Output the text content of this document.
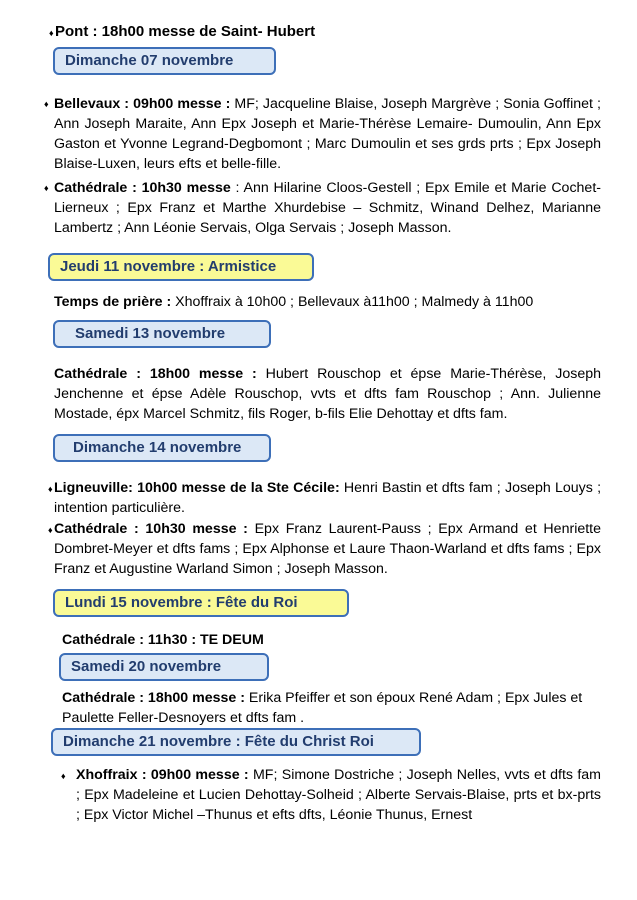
♦ Pont : 18h00 messe de Saint- Hubert
Dimanche 07 novembre
♦ Bellevaux : 09h00 messe : MF; Jacqueline Blaise, Joseph Margrève ; Sonia Goffinet ; Ann Joseph Maraite, Ann Epx Joseph et Marie-Thérèse Lemaire- Dumoulin, Ann Epx Gaston et Yvonne Legrand-Degbomont ; Marc Dumoulin et ses grds prts ; Epx Joseph Blaise-Luxen, leurs efts et belle-fille.
♦ Cathédrale : 10h30 messe : Ann Hilarine Cloos-Gestell ; Epx Emile et Marie Cochet-Lierneux ; Epx Franz et Marthe Xhurdebise – Schmitz, Winand Delhez, Marianne Lambertz ; Ann Léonie Servais, Olga Servais ; Joseph Masson.
Jeudi 11 novembre : Armistice
Temps de prière : Xhoffraix à 10h00 ; Bellevaux à11h00 ; Malmedy à 11h00
Samedi 13 novembre
Cathédrale : 18h00 messe : Hubert Rouschop et épse Marie-Thérèse, Joseph Jenchenne et épse Adèle Rouschop, vvts et dfts fam Rouschop ; Ann. Julienne Mostade, épx Marcel Schmitz, fils Roger, b-fils Elie Dehottay et dfts fam.
Dimanche 14 novembre
♦ Ligneuville: 10h00 messe de la Ste Cécile: Henri Bastin et dfts fam ; Joseph Louys ; intention particulière.
♦ Cathédrale : 10h30 messe : Epx Franz Laurent-Pauss ; Epx Armand et Henriette Dombret-Meyer et dfts fams ; Epx Alphonse et Laure Thaon-Warland et dfts fams ; Epx Franz et Augustine Warland Simon ; Joseph Masson.
Lundi 15 novembre : Fête du Roi
Cathédrale : 11h30 : TE DEUM
Samedi 20 novembre
Cathédrale : 18h00 messe : Erika Pfeiffer et son époux René Adam ; Epx Jules et Paulette Feller-Desnoyers et dfts fam .
Dimanche 21 novembre : Fête du Christ Roi
♦ Xhoffraix : 09h00 messe : MF; Simone Dostriche ; Joseph Nelles, vvts et dfts fam ; Epx Madeleine et Lucien Dehottay-Solheid ; Alberte Servais-Blaise, prts et bx-prts ; Epx Victor Michel –Thunus et efts dfts, Léonie Thunus, Ernest
